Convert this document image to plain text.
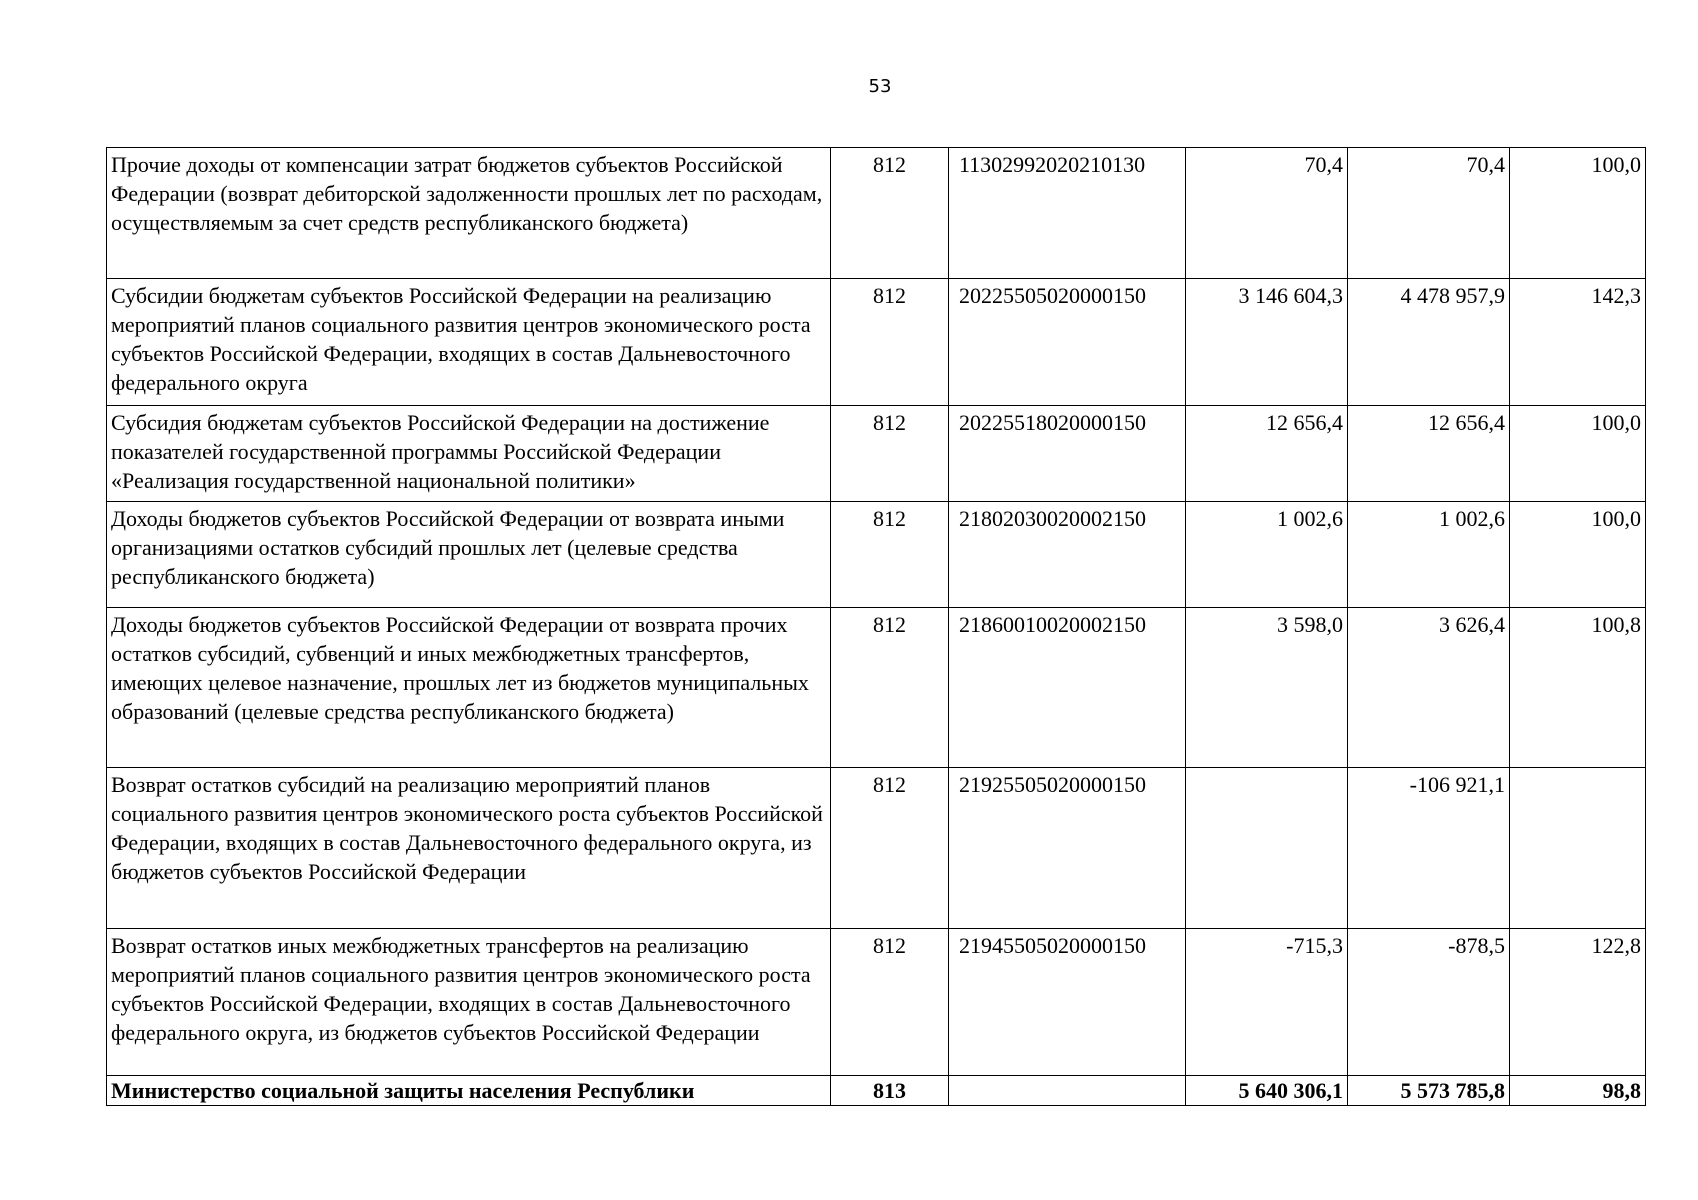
53
Прочие доходы от компенсации затрат бюджетов субъектов Российской Федерации (возврат дебиторской задолженности прошлых лет по расходам, осуществляемым за счет средств республиканского бюджета)	812	11302992020210130	70,4	70,4	100,0
Субсидии бюджетам субъектов Российской Федерации на реализацию мероприятий планов социального развития центров экономического роста субъектов Российской Федерации, входящих в состав Дальневосточного федерального округа	812	20225505020000150	3 146 604,3	4 478 957,9	142,3
Субсидия бюджетам субъектов Российской Федерации на достижение показателей государственной программы Российской Федерации «Реализация государственной национальной политики»	812	20225518020000150	12 656,4	12 656,4	100,0
Доходы бюджетов субъектов Российской Федерации от возврата иными организациями остатков субсидий прошлых лет (целевые средства республиканского бюджета)	812	21802030020002150	1 002,6	1 002,6	100,0
Доходы бюджетов субъектов Российской Федерации от возврата прочих остатков субсидий, субвенций и иных межбюджетных трансфертов, имеющих целевое назначение, прошлых лет из бюджетов муниципальных образований (целевые средства республиканского бюджета)	812	21860010020002150	3 598,0	3 626,4	100,8
Возврат остатков субсидий на реализацию мероприятий планов социального развития центров экономического роста субъектов Российской Федерации, входящих в состав Дальневосточного федерального округа, из бюджетов субъектов Российской Федерации	812	21925505020000150		-106 921,1	
Возврат остатков иных межбюджетных трансфертов на реализацию мероприятий планов социального развития центров экономического роста субъектов Российской Федерации, входящих в состав Дальневосточного федерального округа, из бюджетов субъектов Российской Федерации	812	21945505020000150	-715,3	-878,5	122,8
Министерство социальной защиты населения Республики	813		5 640 306,1	5 573 785,8	98,8
